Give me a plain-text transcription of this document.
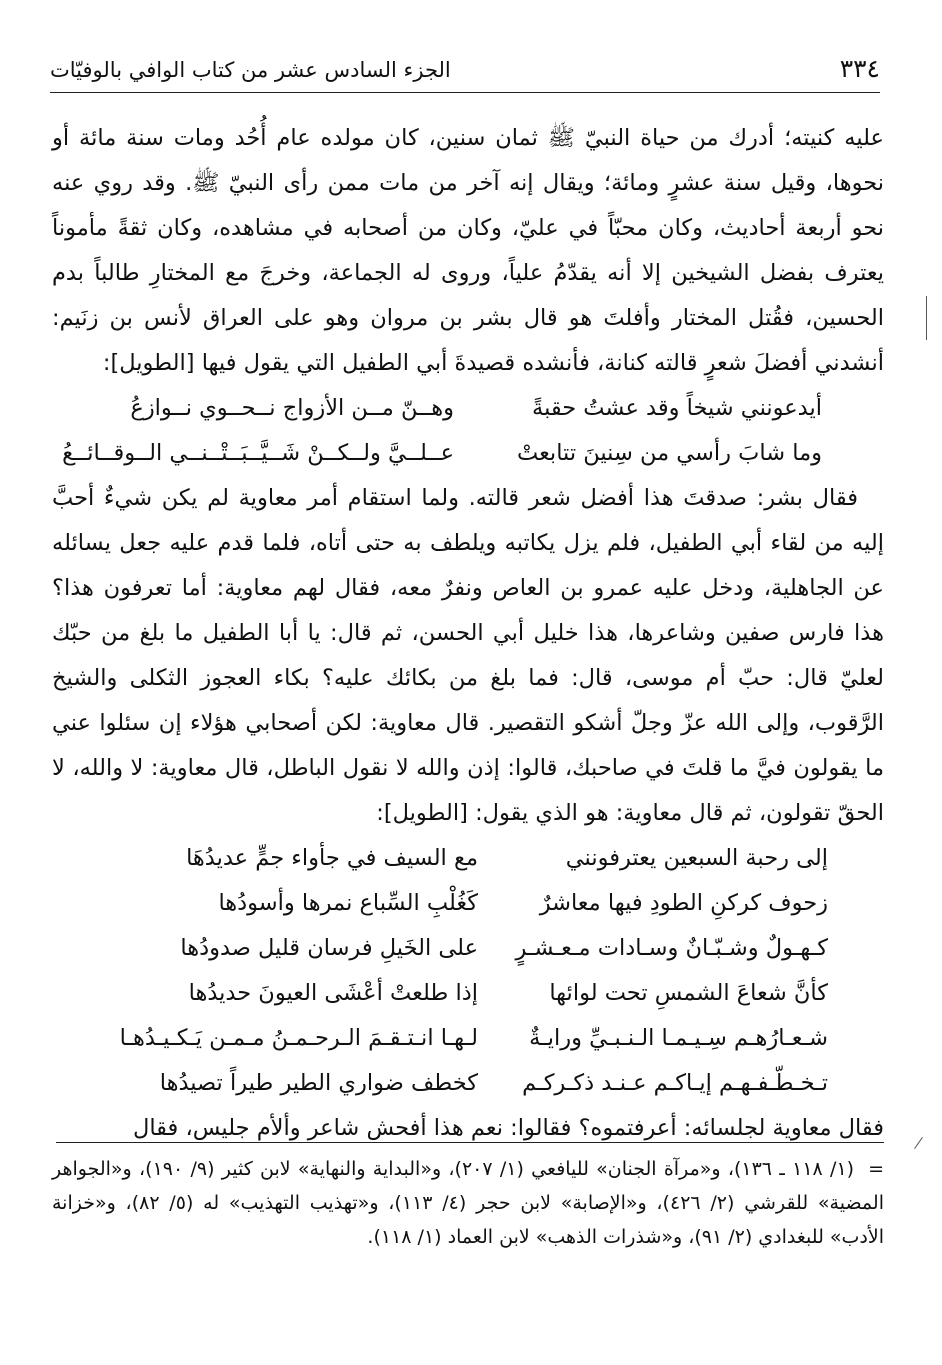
٣٣٤
الجزء السادس عشر من كتاب الوافي بالوفيّات

عليه كنيته؛ أدرك من حياة النبيّ ﷺ ثمان سنين، كان مولده عام أُحُد ومات سنة مائة أو نحوها، وقيل سنة عشرٍ ومائة؛ ويقال إنه آخر من مات ممن رأى النبيّ ﷺ. وقد روي عنه نحو أربعة أحاديث، وكان محبّاً في عليّ، وكان من أصحابه في مشاهده، وكان ثقةً مأموناً يعترف بفضل الشيخين إلا أنه يقدّمُ علياً، وروى له الجماعة، وخرجَ مع المختارِ طالباً بدم الحسين، فقُتل المختار وأفلتَ هو قال بشر بن مروان وهو على العراق لأنس بن زنَيم: أنشدني أفضلَ شعرٍ قالته كنانة، فأنشده قصيدةَ أبي الطفيل التي يقول فيها [الطويل]:

أيدعونني شيخاً وقد عشتُ حقبةً
وهــنّ مــن الأزواج نــحــوي نــوازعُ
وما شابَ رأسي من سِنينَ تتابعتْ
عــلــيَّ ولــكــنْ شَــيَّــبَــتْــنــي الــوقــائــعُ

فقال بشر: صدقتَ هذا أفضل شعر قالته. ولما استقام أمر معاوية لم يكن شيءٌ أحبَّ إليه من لقاء أبي الطفيل، فلم يزل يكاتبه ويلطف به حتى أتاه، فلما قدم عليه جعل يسائله عن الجاهلية، ودخل عليه عمرو بن العاص ونفرٌ معه، فقال لهم معاوية: أما تعرفون هذا؟ هذا فارس صفين وشاعرها، هذا خليل أبي الحسن، ثم قال: يا أبا الطفيل ما بلغ من حبّك لعليّ قال: حبّ أم موسى، قال: فما بلغ من بكائك عليه؟ بكاء العجوز الثكلى والشيخ الرَّقوب، وإلى الله عزّ وجلّ أشكو التقصير. قال معاوية: لكن أصحابي هؤلاء إن سئلوا عني ما يقولون فيَّ ما قلتَ في صاحبك، قالوا: إذن والله لا نقول الباطل، قال معاوية: لا والله، لا الحقّ تقولون، ثم قال معاوية: هو الذي يقول: [الطويل]:

إلى رحبة السبعين يعترفونني
مع السيف في جأواء جمٍّ عديدُهَا
زحوف كركنِ الطودِ فيها معاشرٌ
كَغُلْبِ السِّباع نمرها وأسودُها
كـهـولٌ وشـبّـانٌ وسـادات مـعـشـرٍ
على الخَيلِ فرسان قليل صدودُها
كأنَّ شعاعَ الشمسِ تحت لوائها
إذا طلعتْ أعْشَى العيونَ حديدُها
شـعـارُهـم سِـيـمـا الـنـبـيِّ ورايـةٌ
لـهـا انـتـقـمَ الـرحـمـنُ مـمـن يَـكـيـدُهـا
تـخـطّـفـهـم إيـاكـم عـنـد ذكـركـم
كخطف ضواري الطير طيراً تصيدُها

فقال معاوية لجلسائه: أعرفتموه؟ فقالوا: نعم هذا أفحش شاعر وألأم جليس، فقال

=(١/ ١١٨ ـ ١٣٦)، و«مرآة الجنان» لليافعي (١/ ٢٠٧)، و«البداية والنهاية» لابن كثير (٩/ ١٩٠)، و«الجواهر المضية» للقرشي (٢/ ٤٢٦)، و«الإصابة» لابن حجر (٤/ ١١٣)، و«تهذيب التهذيب» له (٥/ ٨٢)، و«خزانة الأدب» للبغدادي (٢/ ٩١)، و«شذرات الذهب» لابن العماد (١/ ١١٨).
